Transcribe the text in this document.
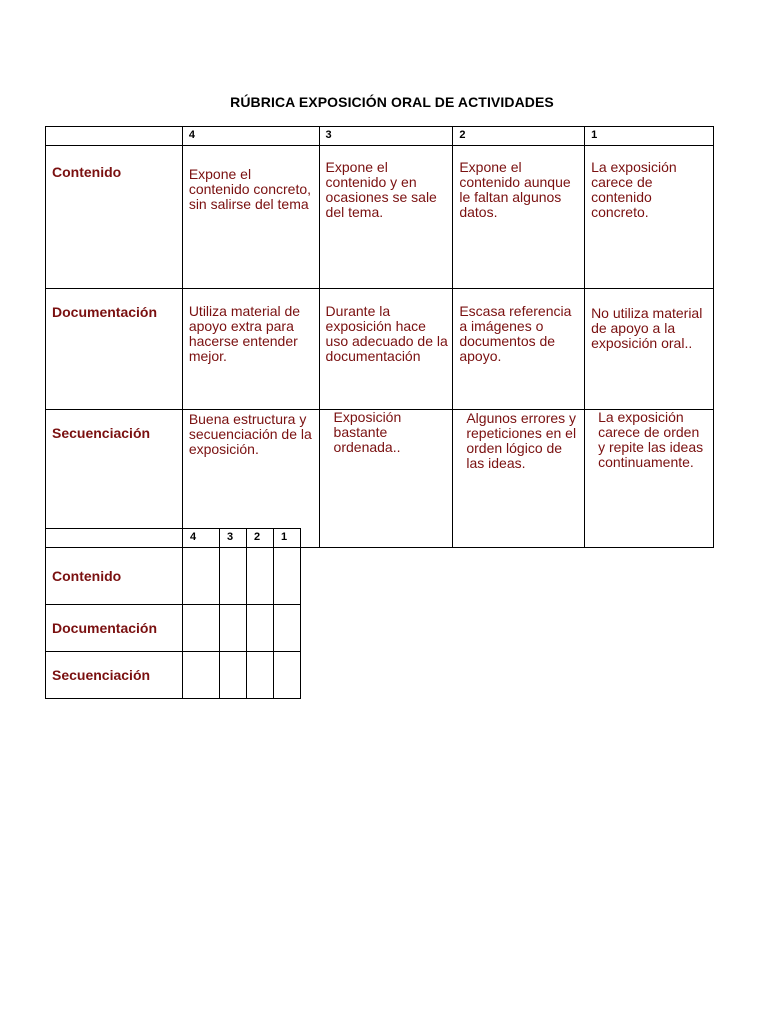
RÚBRICA EXPOSICIÓN ORAL DE ACTIVIDADES
	4	3	2	1
Contenido	Expone el contenido concreto, sin salirse del tema	Expone el contenido y en ocasiones se sale del tema.	Expone el contenido aunque le faltan algunos datos.	La exposición carece de contenido concreto.
Documentación	Utiliza material de apoyo extra para hacerse entender mejor.	Durante la exposición hace uso adecuado de la documentación	Escasa referencia a imágenes o documentos de apoyo.	No utiliza material de apoyo a la exposición oral..
Secuenciación	Buena estructura y secuenciación de la exposición.	Exposición bastante ordenada..	Algunos errores y repeticiones en el orden lógico de las ideas.	La exposición carece de orden y repite las ideas continuamente.
	4	3	2	1
Contenido				
Documentación				
Secuenciación				
